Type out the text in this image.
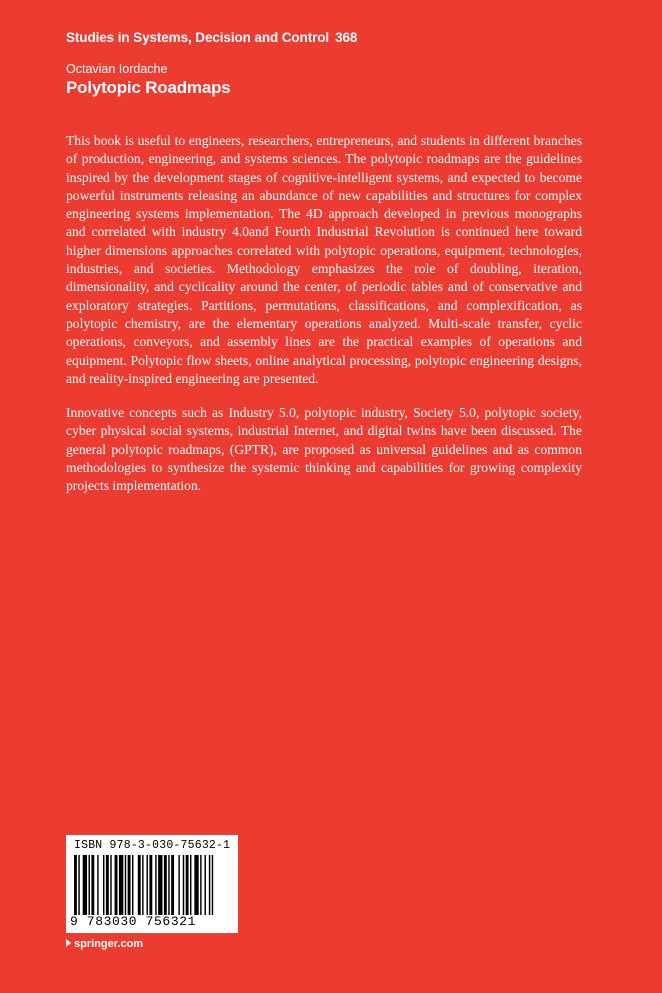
Studies in Systems, Decision and Control 368
Octavian Iordache
Polytopic Roadmaps

This book is useful to engineers, researchers, entrepreneurs, and students in different branches of production, engineering, and systems sciences. The polytopic roadmaps are the guidelines inspired by the development stages of cognitive-intelligent systems, and expected to become powerful instruments releasing an abundance of new capabilities and structures for complex engineering systems implementation. The 4D approach developed in previous monographs and correlated with industry 4.0and Fourth Industrial Revolution is continued here toward higher dimensions approaches correlated with polytopic operations, equipment, technologies, industries, and societies. Methodology emphasizes the role of doubling, iteration, dimensionality, and cyclicality around the center, of periodic tables and of conservative and exploratory strategies. Partitions, permutations, classifications, and complexification, as polytopic chemistry, are the elementary operations analyzed. Multi-scale transfer, cyclic operations, conveyors, and assembly lines are the practical examples of operations and equipment. Polytopic flow sheets, online analytical processing, polytopic engineering designs, and reality-inspired engineering are presented.

Innovative concepts such as Industry 5.0, polytopic industry, Society 5.0, polytopic society, cyber physical social systems, industrial Internet, and digital twins have been discussed. The general polytopic roadmaps, (GPTR), are proposed as universal guidelines and as common methodologies to synthesize the systemic thinking and capabilities for growing complexity projects implementation.

ISBN 978-3-030-75632-1
9 783030 756321
springer.com
